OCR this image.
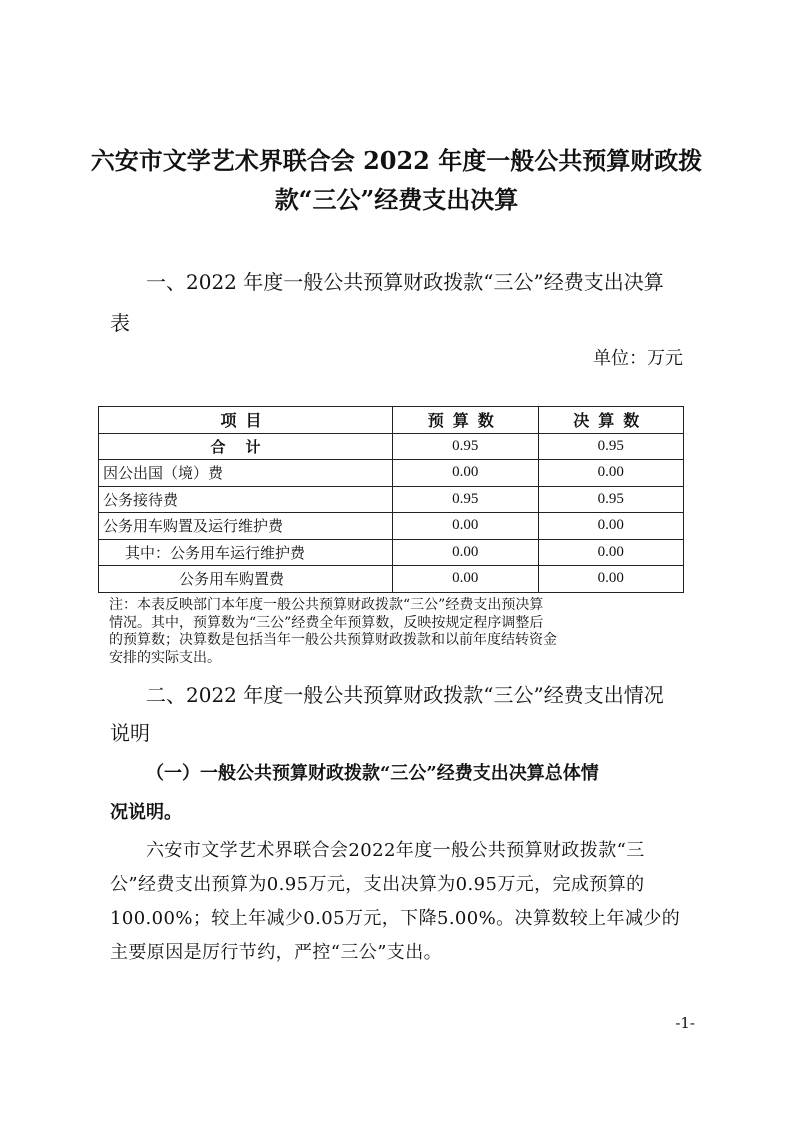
六安市文学艺术界联合会 2022 年度一般公共预算财政拨
款“三公”经费支出决算
一、2022 年度一般公共预算财政拨款“三公”经费支出决算
表
单位：万元
项目	预算数	决算数
合计	0.95	0.95
因公出国（境）费	0.00	0.00
公务接待费	0.95	0.95
公务用车购置及运行维护费	0.00	0.00
其中：公务用车运行维护费	0.00	0.00
公务用车购置费	0.00	0.00
注：本表反映部门本年度一般公共预算财政拨款“三公”经费支出预决算
情况。其中，预算数为“三公”经费全年预算数，反映按规定程序调整后
的预算数；决算数是包括当年一般公共预算财政拨款和以前年度结转资金
安排的实际支出。
二、2022 年度一般公共预算财政拨款“三公”经费支出情况
说明
（一）一般公共预算财政拨款“三公”经费支出决算总体情
况说明。
六安市文学艺术界联合会2022年度一般公共预算财政拨款“三公”经费支出预算为0.95万元，支出决算为0.95万元，完成预算的100.00%；较上年减少0.05万元，下降5.00%。决算数较上年减少的主要原因是厉行节约，严控“三公”支出。
-1-
